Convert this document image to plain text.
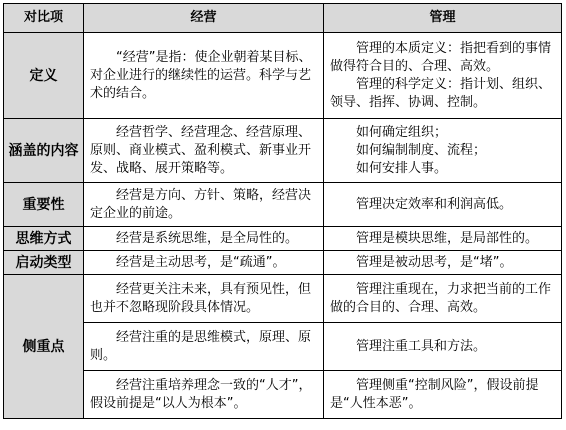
对比项	经营	管理
定义	“经营”是指：使企业朝着某目标、对企业进行的继续性的运营。科学与艺术的结合。	管理的本质定义：指把看到的事情做得符合目的、合理、高效。
管理的科学定义：指计划、组织、领导、指挥、协调、控制。

涵盖的内容	经营哲学、经营理念、经营原理、原则、商业模式、盈利模式、新事业开发、战略、展开策略等。	如何确定组织；
如何编制制度、流程；
如何安排人事。

重要性	经营是方向、方针、策略，经营决定企业的前途。	管理决定效率和利润高低。
思维方式	经营是系统思维，是全局性的。	管理是模块思维，是局部性的。
启动类型	经营是主动思考，是“疏通”。	管理是被动思考，是“堵”。
侧重点	经营更关注未来，具有预见性，但也并不忽略现阶段具体情况。	管理注重现在，力求把当前的工作做的合目的、合理、高效。
	经营注重的是思维模式，原理、原则。	管理注重工具和方法。
	经营注重培养理念一致的“人才”，假设前提是“以人为根本”。	管理侧重“控制风险”，假设前提是“人性本恶”。
